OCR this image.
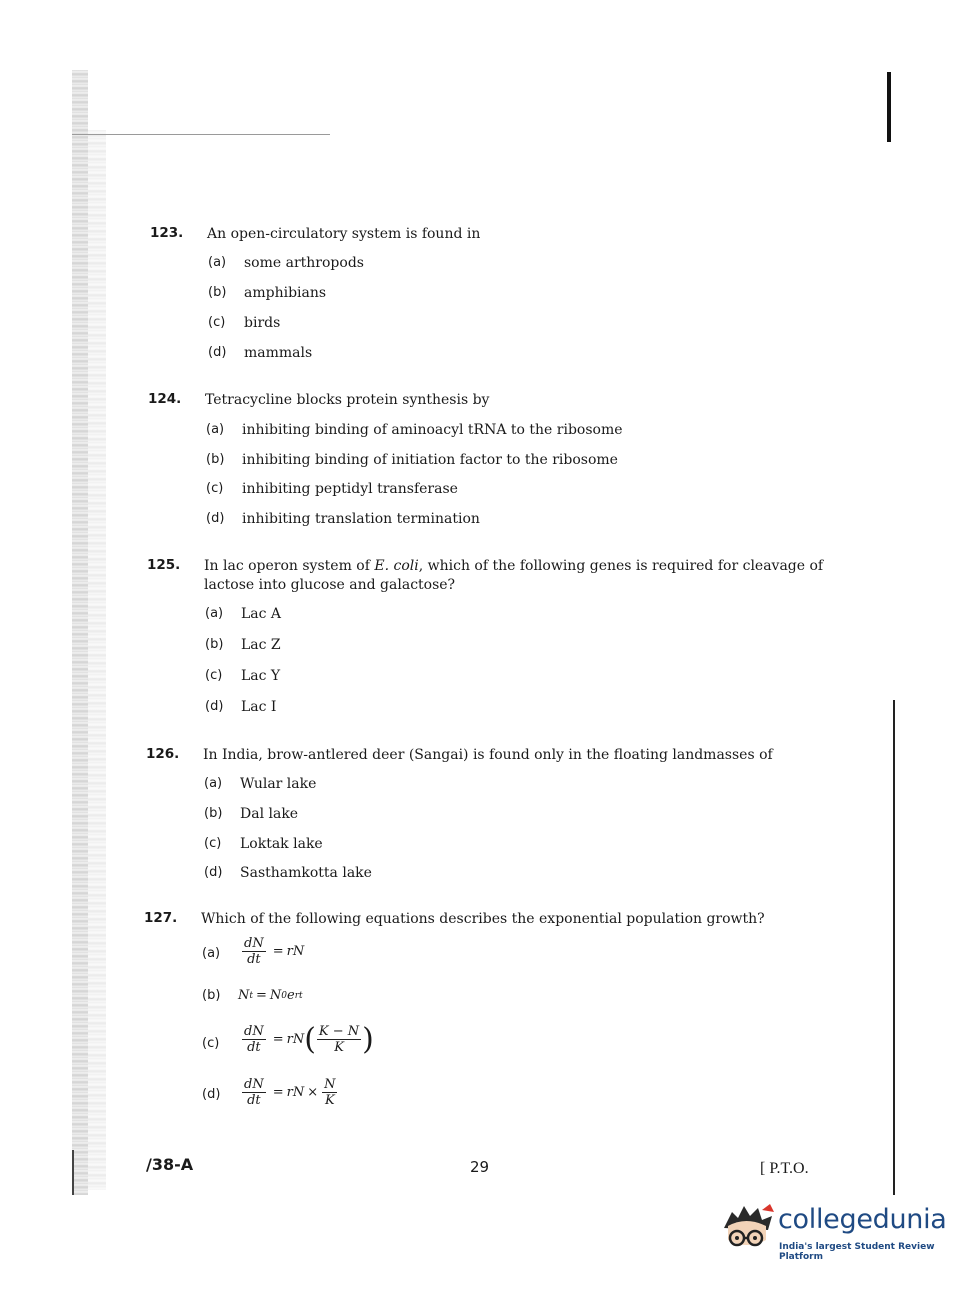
123. An open-circulatory system is found in
(a) some arthropods
(b) amphibians
(c) birds
(d) mammals
124. Tetracycline blocks protein synthesis by
(a) inhibiting binding of aminoacyl tRNA to the ribosome
(b) inhibiting binding of initiation factor to the ribosome
(c) inhibiting peptidyl transferase
(d) inhibiting translation termination
125. In lac operon system of E. coli, which of the following genes is required for cleavage of lactose into glucose and galactose?
(a) Lac A
(b) Lac Z
(c) Lac Y
(d) Lac I
126. In India, brow-antlered deer (Sangai) is found only in the floating landmasses of
(a) Wular lake
(b) Dal lake
(c) Loktak lake
(d) Sasthamkotta lake
127. Which of the following equations describes the exponential population growth?
$(a) \frac{dN}{dt}$ = rN
(b) N t = N 0 e rt
$(c) \frac{dN}{dt}$ = rN ( $\frac{K - N}{K}$ )
$(d) \frac{dN}{dt}$ = rN × $\frac{N}{K}$
/38-A	29	[ P.T.O.
collegedunia
India's largest Student Review Platform
